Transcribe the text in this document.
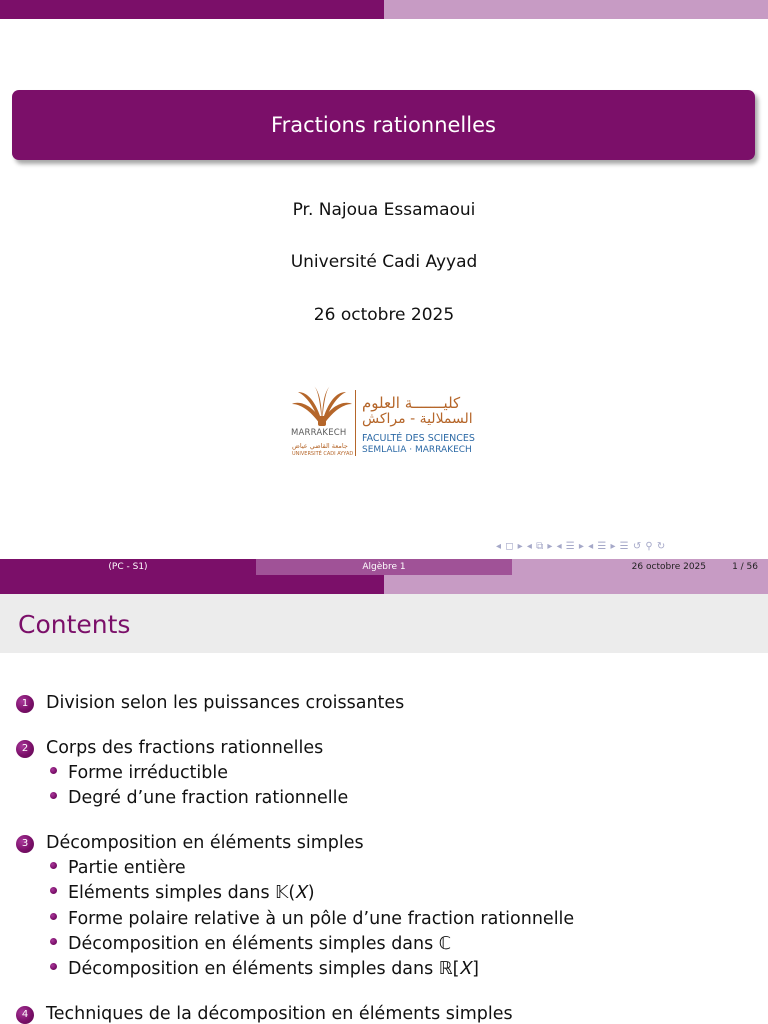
Fractions rationnelles
Pr. Najoua Essamaoui
Université Cadi Ayyad
26 octobre 2025
MARRAKECH
جامعة القاضي عياض
UNIVERSITÉ CADI AYYAD
كليـــــــة العلوم
السملالية - مراكش
FACULTÉ DES SCIENCES
SEMLALIA · MARRAKECH
◂ ◻ ▸ ◂ ⧉ ▸ ◂ ☰ ▸ ◂ ☰ ▸ ☰ ↺ ⚲ ↻
(PC - S1)	Algèbre 1	26 octobre 2025	1 / 56
Contents
1 Division selon les puissances croissantes
2 Corps des fractions rationnelles
Forme irréductible
Degré d’une fraction rationnelle
3 Décomposition en éléments simples
Partie entière
Eléments simples dans 𝕂(𝑋)
Forme polaire relative à un pôle d’une fraction rationnelle
Décomposition en éléments simples dans ℂ
Décomposition en éléments simples dans ℝ[𝑋]
4 Techniques de la décomposition en éléments simples
